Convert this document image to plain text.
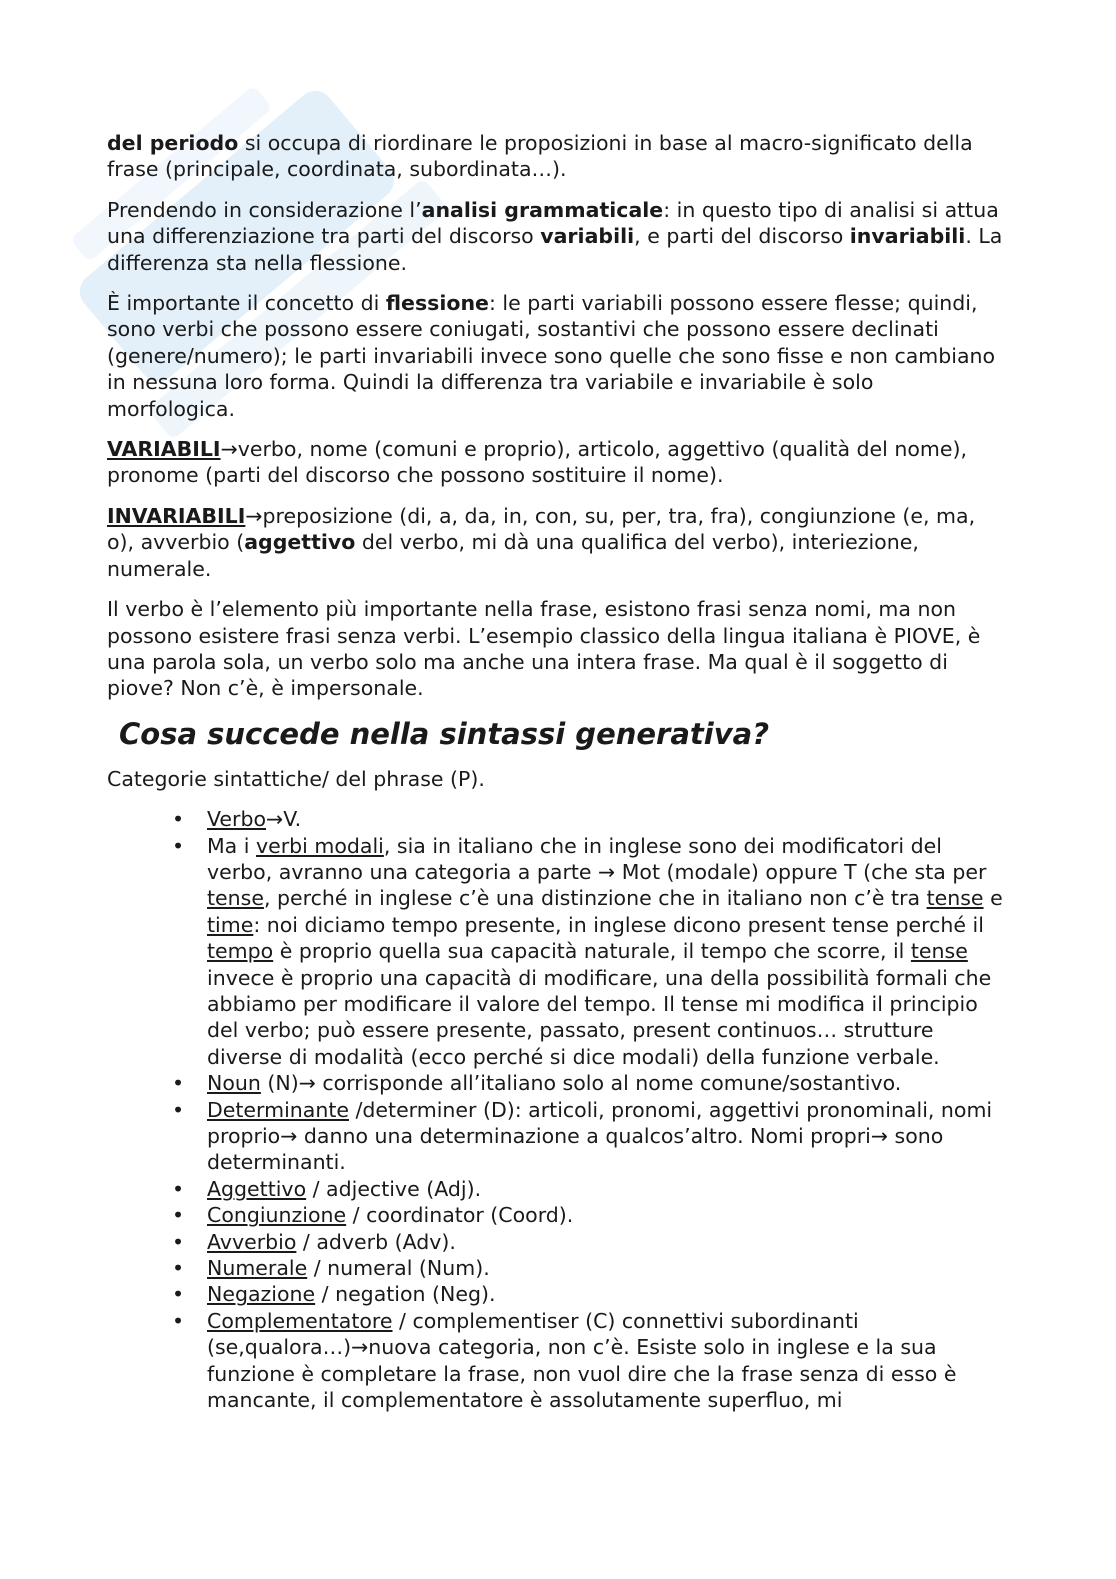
del periodo si occupa di riordinare le proposizioni in base al macro-significato della frase (principale, coordinata, subordinata…).

Prendendo in considerazione l’analisi grammaticale: in questo tipo di analisi si attua una differenziazione tra parti del discorso variabili, e parti del discorso invariabili. La differenza sta nella flessione.

È importante il concetto di flessione: le parti variabili possono essere flesse; quindi, sono verbi che possono essere coniugati, sostantivi che possono essere declinati (genere/numero); le parti invariabili invece sono quelle che sono fisse e non cambiano in nessuna loro forma. Quindi la differenza tra variabile e invariabile è solo morfologica.

VARIABILI→verbo, nome (comuni e proprio), articolo, aggettivo (qualità del nome), pronome (parti del discorso che possono sostituire il nome).

INVARIABILI→preposizione (di, a, da, in, con, su, per, tra, fra), congiunzione (e, ma, o), avverbio (aggettivo del verbo, mi dà una qualifica del verbo), interiezione, numerale.

Il verbo è l’elemento più importante nella frase, esistono frasi senza nomi, ma non possono esistere frasi senza verbi. L’esempio classico della lingua italiana è PIOVE, è una parola sola, un verbo solo ma anche una intera frase. Ma qual è il soggetto di piove? Non c’è, è impersonale.

Cosa succede nella sintassi generativa?

Categorie sintattiche/ del phrase (P).

• Verbo→V.
• Ma i verbi modali, sia in italiano che in inglese sono dei modificatori del verbo, avranno una categoria a parte → Mot (modale) oppure T (che sta per tense, perché in inglese c’è una distinzione che in italiano non c’è tra tense e time: noi diciamo tempo presente, in inglese dicono present tense perché il tempo è proprio quella sua capacità naturale, il tempo che scorre, il tense invece è proprio una capacità di modificare, una della possibilità formali che abbiamo per modificare il valore del tempo. Il tense mi modifica il principio del verbo; può essere presente, passato, present continuos… strutture diverse di modalità (ecco perché si dice modali) della funzione verbale.
• Noun (N)→ corrisponde all’italiano solo al nome comune/sostantivo.
• Determinante /determiner (D): articoli, pronomi, aggettivi pronominali, nomi proprio→ danno una determinazione a qualcos’altro. Nomi propri→ sono determinanti.
• Aggettivo / adjective (Adj).
• Congiunzione / coordinator (Coord).
• Avverbio / adverb (Adv).
• Numerale / numeral (Num).
• Negazione / negation (Neg).
• Complementatore / complementiser (C) connettivi subordinanti (se,qualora…)→nuova categoria, non c’è. Esiste solo in inglese e la sua funzione è completare la frase, non vuol dire che la frase senza di esso è mancante, il complementatore è assolutamente superfluo, mi
